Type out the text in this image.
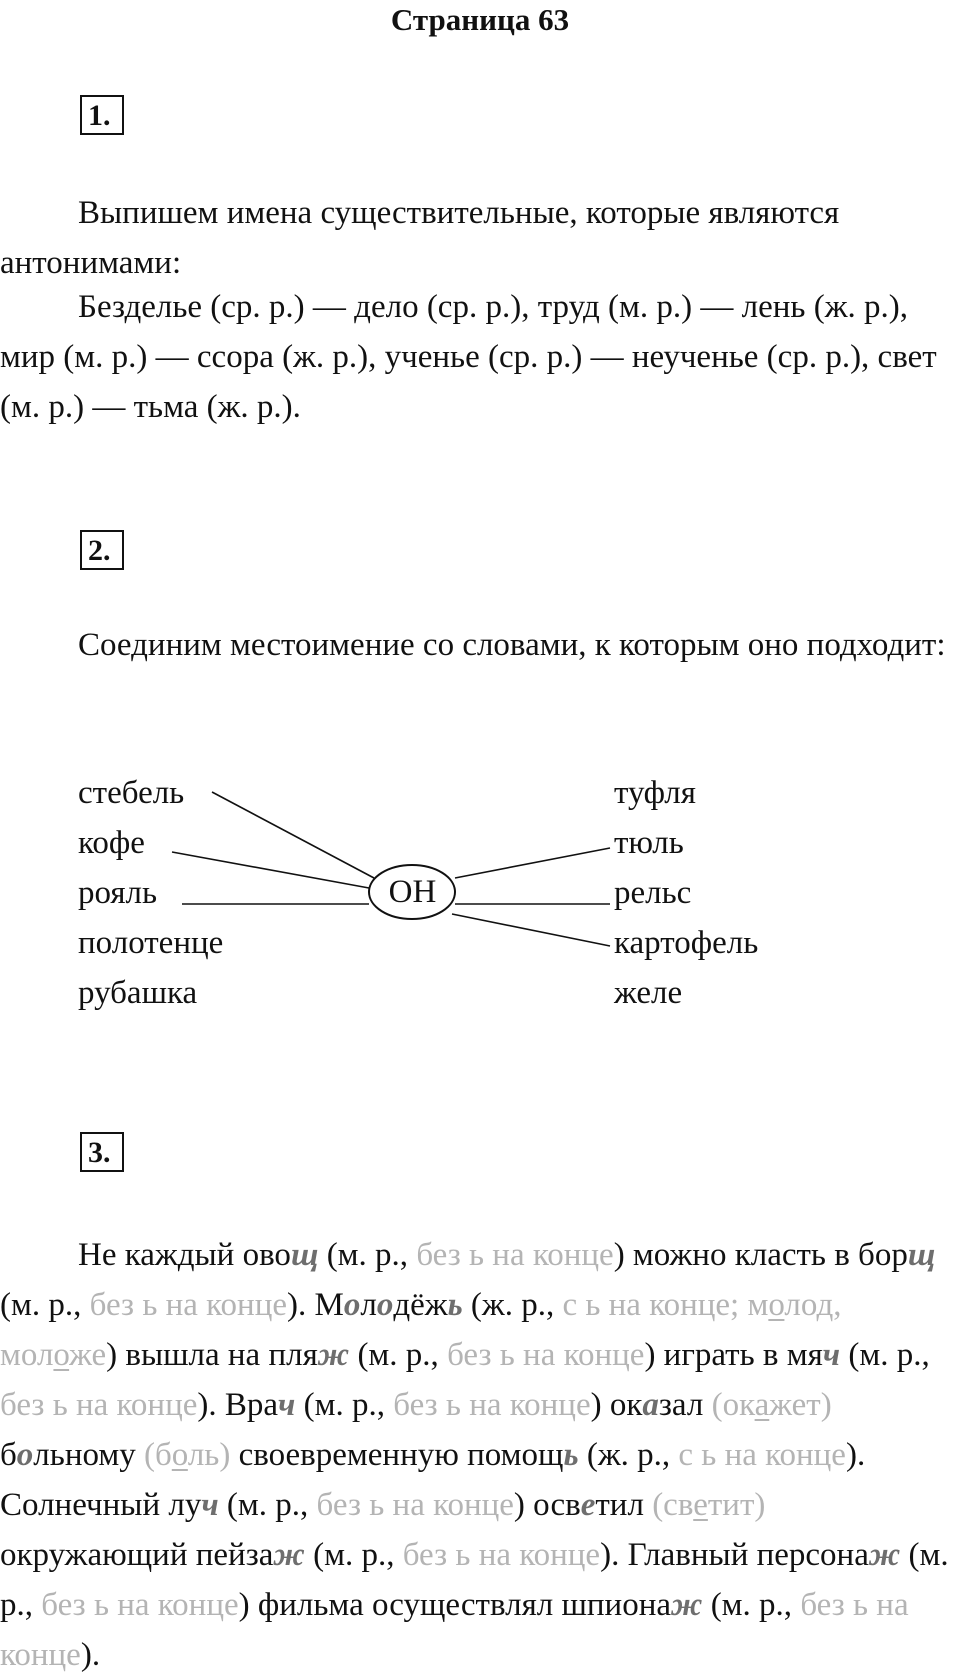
Страница 63
1.

Выпишем имена существительные, которые являются антонимами:

Безделье (ср. р.) — дело (ср. р.), труд (м. р.) — лень (ж. р.), мир (м. р.) — ссора (ж. р.), ученье (ср. р.) — неученье (ср. р.), свет (м. р.) — тьма (ж. р.).

2.

Соединим местоимение со словами, к которым оно подходит:

стебель
кофе
рояль
полотенце
рубашка
туфля
тюль
рельс
картофель
желе
ОН
3.

Не каждый овощ (м. р., без ь на конце) можно класть в борщ (м. р., без ь на конце). Молодёжь (ж. р., с ь на конце; молод, моложе) вышла на пляж (м. р., без ь на конце) играть в мяч (м. р., без ь на конце). Врач (м. р., без ь на конце) оказал (окажет) больному (боль) своевременную помощь (ж. р., с ь на конце). Солнечный луч (м. р., без ь на конце) осветил (светит) окружающий пейзаж (м. р., без ь на конце). Главный персонаж (м. р., без ь на конце) фильма осуществлял шпионаж (м. р., без ь на конце).
